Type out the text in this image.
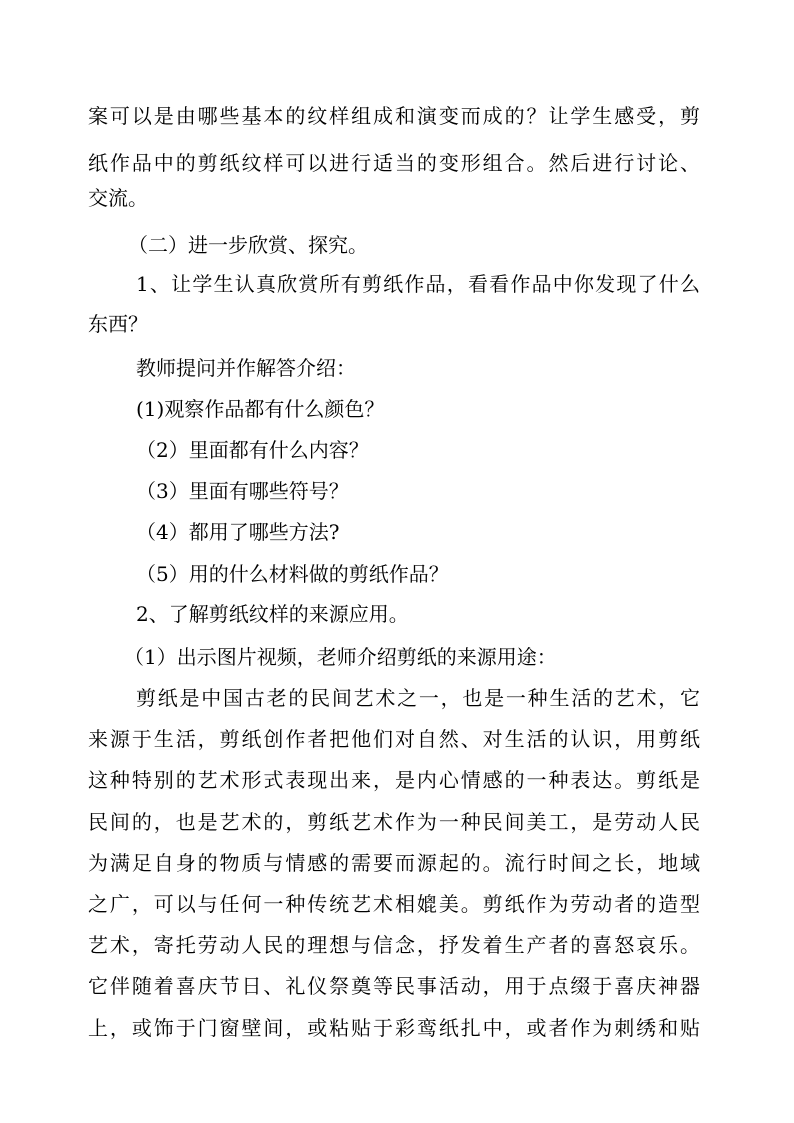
案可以是由哪些基本的纹样组成和演变而成的？让学生感受，剪
纸作品中的剪纸纹样可以进行适当的变形组合。然后进行讨论、
交流。
（二）进一步欣赏、探究。
1、让学生认真欣赏所有剪纸作品，看看作品中你发现了什么
东西？
教师提问并作解答介绍：
(1)观察作品都有什么颜色？
（2）里面都有什么内容？
（3）里面有哪些符号？
（4）都用了哪些方法?
（5）用的什么材料做的剪纸作品？
2、了解剪纸纹样的来源应用。
（1）出示图片视频，老师介绍剪纸的来源用途：
剪纸是中国古老的民间艺术之一，也是一种生活的艺术，它
来源于生活，剪纸创作者把他们对自然、对生活的认识，用剪纸
这种特别的艺术形式表现出来，是内心情感的一种表达。剪纸是
民间的，也是艺术的，剪纸艺术作为一种民间美工，是劳动人民
为满足自身的物质与情感的需要而源起的。流行时间之长，地域
之广，可以与任何一种传统艺术相媲美。剪纸作为劳动者的造型
艺术，寄托劳动人民的理想与信念，抒发着生产者的喜怒哀乐。
它伴随着喜庆节日、礼仪祭奠等民事活动，用于点缀于喜庆神器
上，或饰于门窗壁间，或粘贴于彩鸾纸扎中，或者作为刺绣和贴
